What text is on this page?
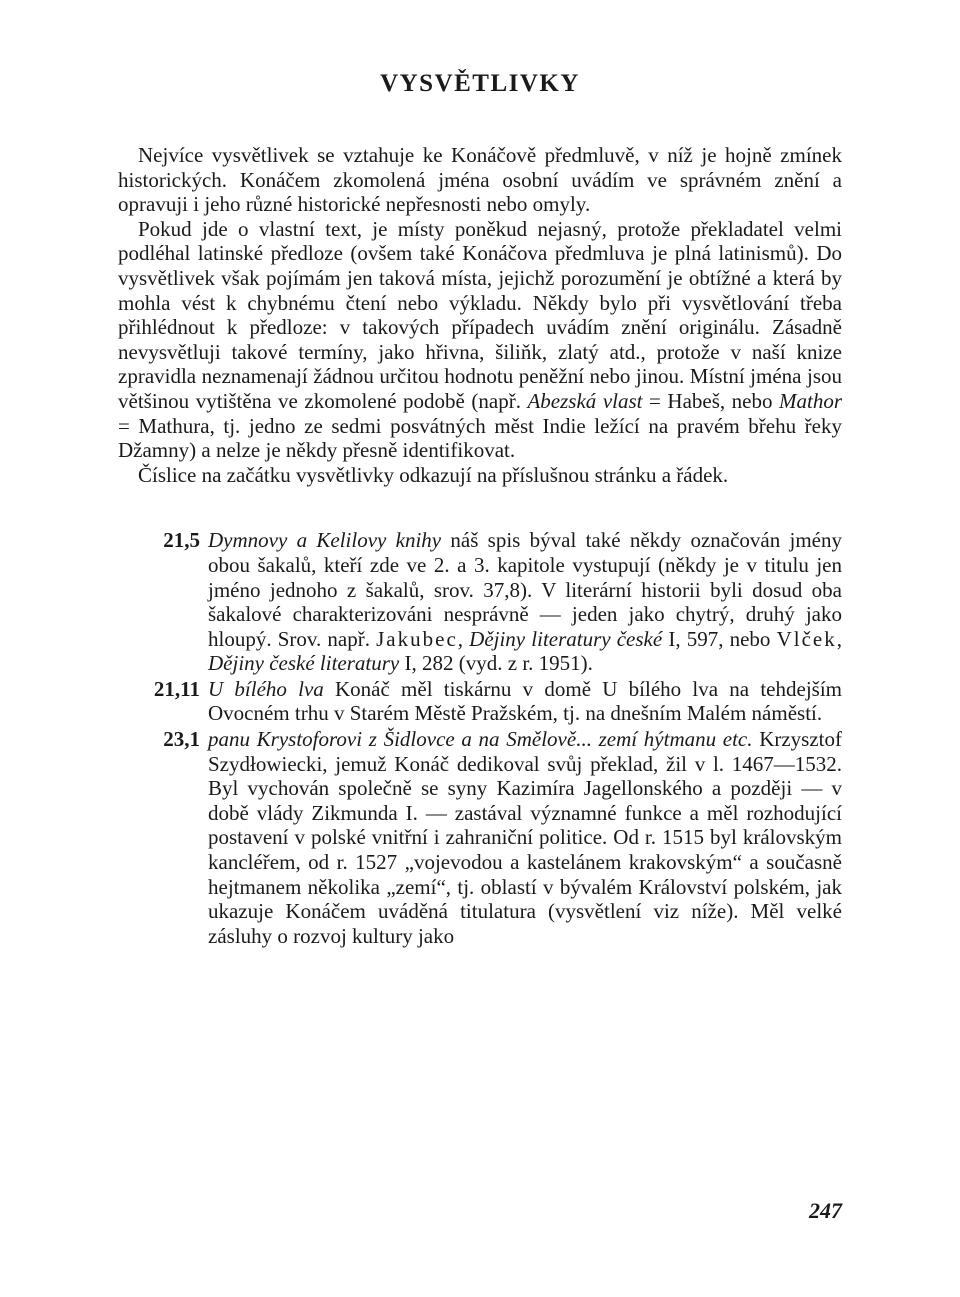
VYSVĚTLIVKY

Nejvíce vysvětlivek se vztahuje ke Konáčově předmluvě, v níž je hojně zmínek historických. Konáčem zkomolená jména osobní uvádím ve správném znění a opravuji i jeho různé historické nepřesnosti nebo omyly.

Pokud jde o vlastní text, je místy poněkud nejasný, protože překladatel velmi podléhal latinské předloze (ovšem také Konáčova předmluva je plná latinismů). Do vysvětlivek však pojímám jen taková místa, jejichž porozumění je obtížné a která by mohla vést k chybnému čtení nebo výkladu. Někdy bylo při vysvětlování třeba přihlédnout k předloze: v takových případech uvádím znění originálu. Zásadně nevysvětluji takové termíny, jako hřivna, šiliňk, zlatý atd., protože v naší knize zpravidla neznamenají žádnou určitou hodnotu peněžní nebo jinou. Místní jména jsou většinou vytištěna ve zkomolené podobě (např. Abezská vlast = Habeš, nebo Mathor = Mathura, tj. jedno ze sedmi posvátných měst Indie ležící na pravém břehu řeky Džamny) a nelze je někdy přesně identifikovat.

Číslice na začátku vysvětlivky odkazují na příslušnou stránku a řádek.

21,5 Dymnovy a Kelilovy knihy náš spis býval také někdy označován jmény obou šakalů, kteří zde ve 2. a 3. kapitole vystupují (někdy je v titulu jen jméno jednoho z šakalů, srov. 37,8). V literární historii byli dosud oba šakalové charakterizováni nesprávně — jeden jako chytrý, druhý jako hloupý. Srov. např. Jakubec, Dějiny literatury české I, 597, nebo Vlček, Dějiny české literatury I, 282 (vyd. z r. 1951).
21,11 U bílého lva Konáč měl tiskárnu v domě U bílého lva na tehdejším Ovocném trhu v Starém Městě Pražském, tj. na dnešním Malém náměstí.
23,1 panu Krystoforovi z Šidlovce a na Smělově... zemí hýtmanu etc. Krzysztof Szydłowiecki, jemuž Konáč dedikoval svůj překlad, žil v l. 1467—1532. Byl vychován společně se syny Kazimíra Jagellonského a později — v době vlády Zikmunda I. — zastával významné funkce a měl rozhodující postavení v polské vnitřní i zahraniční politice. Od r. 1515 byl královským kancléřem, od r. 1527 „vojevodou a kastelánem krakovským“ a současně hejtmanem několika „zemí“, tj. oblastí v bývalém Království polském, jak ukazuje Konáčem uváděná titulatura (vysvětlení viz níže). Měl velké zásluhy o rozvoj kultury jako
247
